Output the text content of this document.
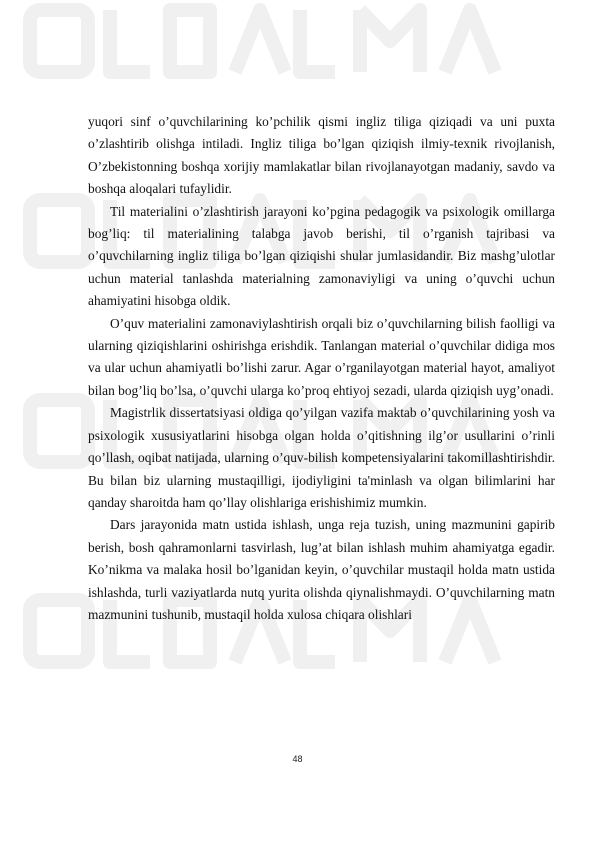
yuqori sinf o’quvchilarining ko’pchilik qismi ingliz tiliga qiziqadi va uni puxta o’zlashtirib olishga intiladi. Ingliz tiliga bo’lgan qiziqish ilmiy-texnik rivojlanish, O’zbekistonning boshqa xorijiy mamlakatlar bilan rivojlanayotgan madaniy, savdo va boshqa aloqalari tufaylidir.

Til materialini o’zlashtirish jarayoni ko’pgina pedagogik va psixologik omillarga bog’liq: til materialining talabga javob berishi, til o’rganish tajribasi va o’quvchilarning ingliz tiliga bo’lgan qiziqishi shular jumlasidandir. Biz mashg’ulotlar uchun material tanlashda materialning zamonaviyligi va uning o’quvchi uchun ahamiyatini hisobga oldik.

O’quv materialini zamonaviylashtirish orqali biz o’quvchilarning bilish faolligi va ularning qiziqishlarini oshirishga erishdik. Tanlangan material o’quvchilar didiga mos va ular uchun ahamiyatli bo’lishi zarur. Agar o’rganilayotgan material hayot, amaliyot bilan bog’liq bo’lsa, o’quvchi ularga ko’proq ehtiyoj sezadi, ularda qiziqish uyg’onadi.

Magistrlik dissertatsiyasi oldiga qo’yilgan vazifa maktab o’quvchilarining yosh va psixologik xususiyatlarini hisobga olgan holda o’qitishning ilg’or usullarini o’rinli qo’llash, oqibat natijada, ularning o’quv-bilish kompetensiyalarini takomillashtirishdir. Bu bilan biz ularning mustaqilligi, ijodiyligini ta'minlash va olgan bilimlarini har qanday sharoitda ham qo’llay olishlariga erishishimiz mumkin.

Dars jarayonida matn ustida ishlash, unga reja tuzish, uning mazmunini gapirib berish, bosh qahramonlarni tasvirlash, lug’at bilan ishlash muhim ahamiyatga egadir. Ko’nikma va malaka hosil bo’lganidan keyin, o’quvchilar mustaqil holda matn ustida ishlashda, turli vaziyatlarda nutq yurita olishda qiynalishmaydi. O’quvchilarning matn mazmunini tushunib, mustaqil holda xulosa chiqara olishlari

48
